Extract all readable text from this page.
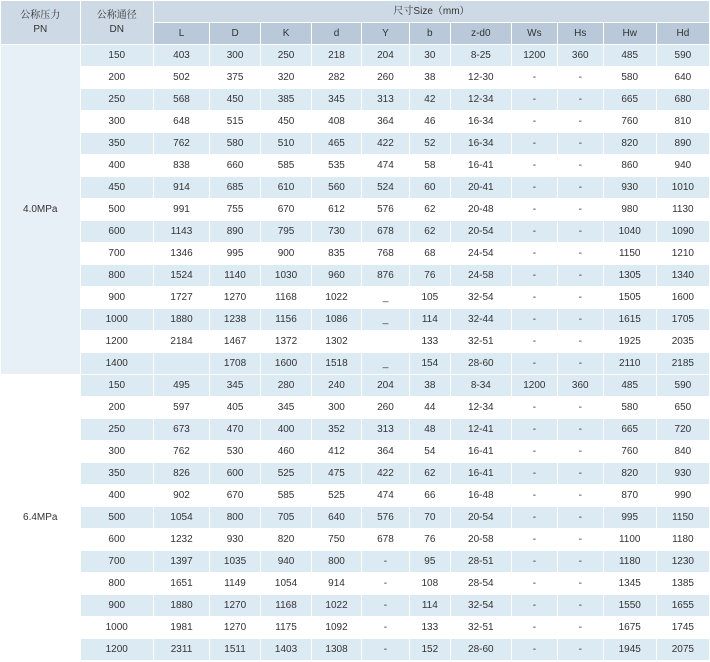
公称压力
PN

公称通径
DN
	尺寸Size（mm）
		L	D	K	d	Y	b	z-d0	Ws	Hs	Hw	Hd
4.0MPa	150	403	300	250	218	204	30	8-25	1200	360	485	590
	200	502	375	320	282	260	38	12-30	-	-	580	640
	250	568	450	385	345	313	42	12-34	-	-	665	680
	300	648	515	450	408	364	46	16-34	-	-	760	810
	350	762	580	510	465	422	52	16-34	-	-	820	890
	400	838	660	585	535	474	58	16-41	-	-	860	940
	450	914	685	610	560	524	60	20-41	-	-	930	1010
	500	991	755	670	612	576	62	20-48	-	-	980	1130
	600	1143	890	795	730	678	62	20-54	-	-	1040	1090
	700	1346	995	900	835	768	68	24-54	-	-	1150	1210
	800	1524	1140	1030	960	876	76	24-58	-	-	1305	1340
	900	1727	1270	1168	1022	_	105	32-54	-	-	1505	1600
	1000	1880	1238	1156	1086	_	114	32-44	-	-	1615	1705
	1200	2184	1467	1372	1302		133	32-51	-	-	1925	2035
	1400		1708	1600	1518	_	154	28-60	-	-	2110	2185
6.4MPa	150	495	345	280	240	204	38	8-34	1200	360	485	590
	200	597	405	345	300	260	44	12-34	-	-	580	650
	250	673	470	400	352	313	48	12-41	-	-	665	720
	300	762	530	460	412	364	54	16-41	-	-	760	840
	350	826	600	525	475	422	62	16-41	-	-	820	930
	400	902	670	585	525	474	66	16-48	-	-	870	990
	500	1054	800	705	640	576	70	20-54	-	-	995	1150
	600	1232	930	820	750	678	76	20-58	-	-	1100	1180
	700	1397	1035	940	800	-	95	28-51	-	-	1180	1230
	800	1651	1149	1054	914	-	108	28-54	-	-	1345	1385
	900	1880	1270	1168	1022	-	114	32-54	-	-	1550	1655
	1000	1981	1270	1175	1092	-	133	32-51	-	-	1675	1745
	1200	2311	1511	1403	1308	-	152	28-60	-	-	1945	2075
